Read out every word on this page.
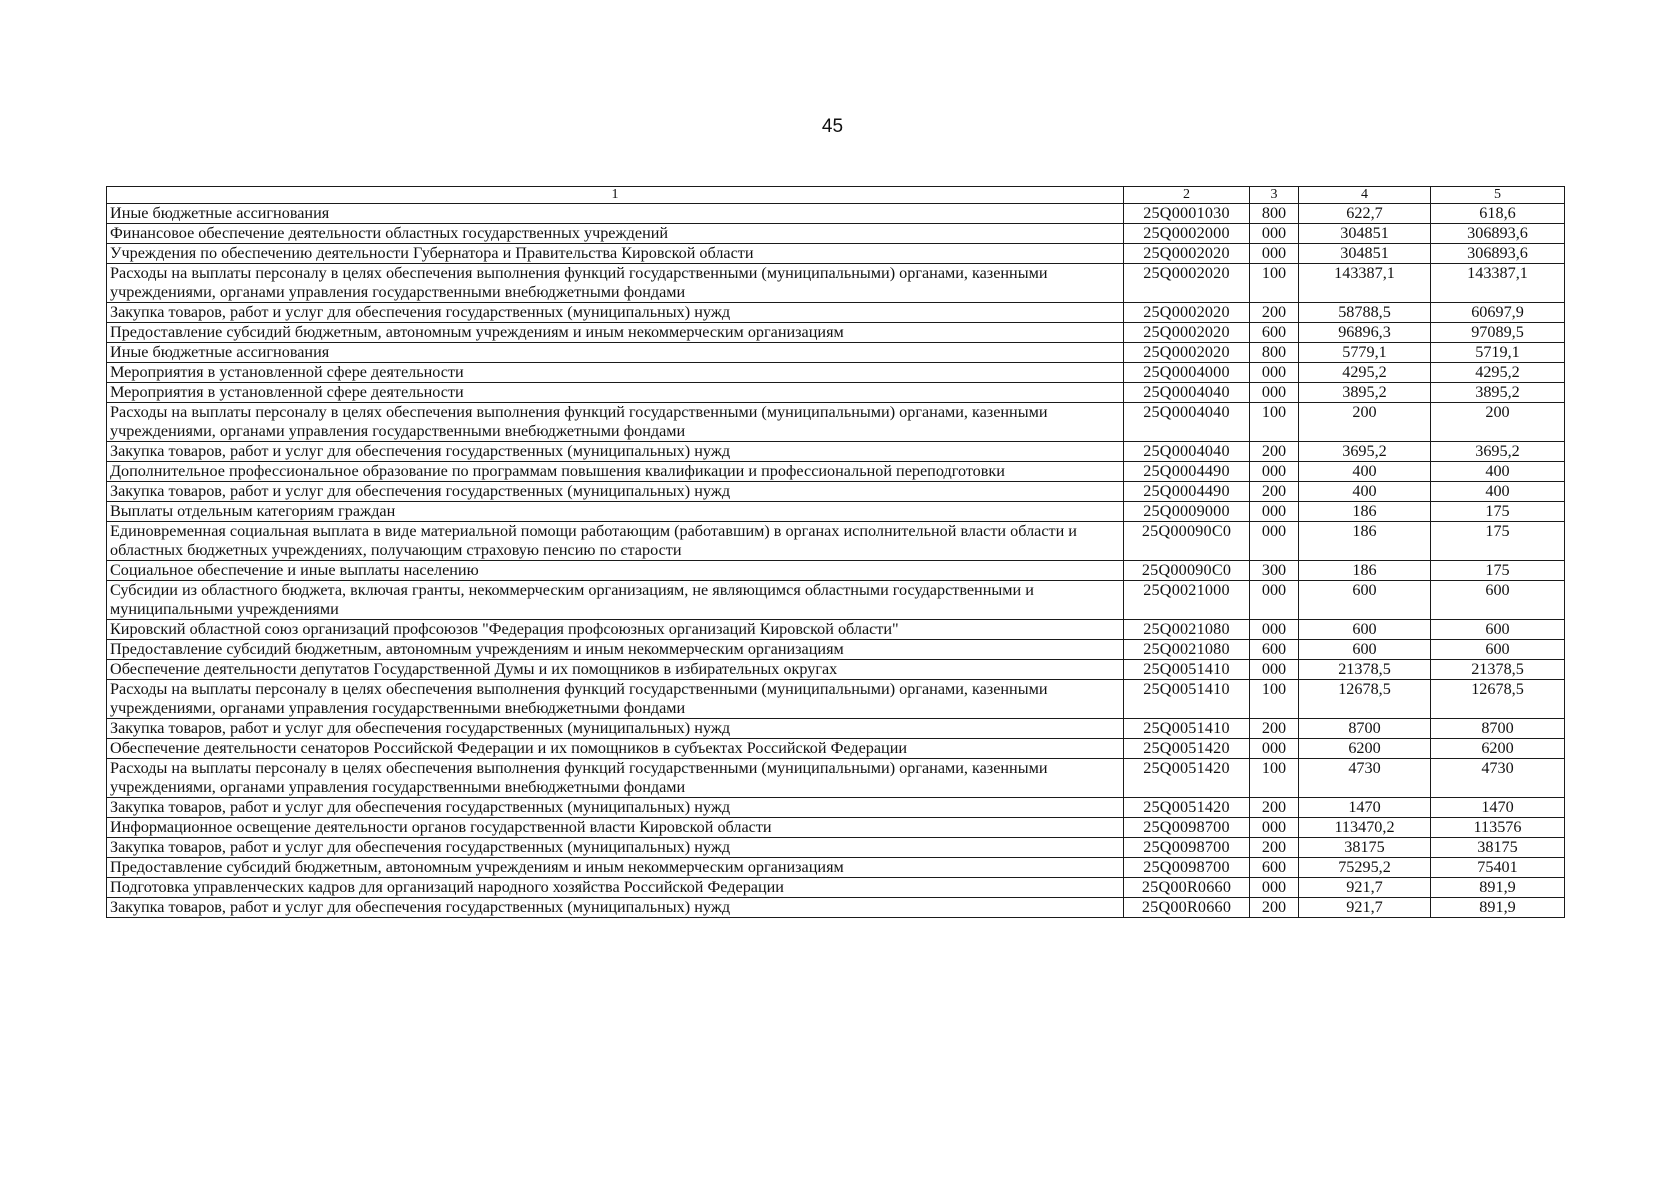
45
1	2	3	4	5
Иные бюджетные ассигнования	25Q0001030	800	622,7	618,6
Финансовое обеспечение деятельности областных государственных учреждений	25Q0002000	000	304851	306893,6
Учреждения по обеспечению деятельности Губернатора и Правительства Кировской области	25Q0002020	000	304851	306893,6
Расходы на выплаты персоналу в целях обеспечения выполнения функций государственными (муниципальными) органами, казенными учреждениями, органами управления государственными внебюджетными фондами	25Q0002020	100	143387,1	143387,1
Закупка товаров, работ и услуг для обеспечения государственных (муниципальных) нужд	25Q0002020	200	58788,5	60697,9
Предоставление субсидий бюджетным, автономным учреждениям и иным некоммерческим организациям	25Q0002020	600	96896,3	97089,5
Иные бюджетные ассигнования	25Q0002020	800	5779,1	5719,1
Мероприятия в установленной сфере деятельности	25Q0004000	000	4295,2	4295,2
Мероприятия в установленной сфере деятельности	25Q0004040	000	3895,2	3895,2
Расходы на выплаты персоналу в целях обеспечения выполнения функций государственными (муниципальными) органами, казенными учреждениями, органами управления государственными внебюджетными фондами	25Q0004040	100	200	200
Закупка товаров, работ и услуг для обеспечения государственных (муниципальных) нужд	25Q0004040	200	3695,2	3695,2
Дополнительное профессиональное образование по программам повышения квалификации и профессиональной переподготовки	25Q0004490	000	400	400
Закупка товаров, работ и услуг для обеспечения государственных (муниципальных) нужд	25Q0004490	200	400	400
Выплаты отдельным категориям граждан	25Q0009000	000	186	175
Единовременная социальная выплата в виде материальной помощи работающим (работавшим) в органах исполнительной власти области и областных бюджетных учреждениях, получающим страховую пенсию по старости	25Q00090C0	000	186	175
Социальное обеспечение и иные выплаты населению	25Q00090C0	300	186	175
Субсидии из областного бюджета, включая гранты, некоммерческим организациям, не являющимся областными государственными и муниципальными учреждениями	25Q0021000	000	600	600
Кировский областной союз организаций профсоюзов "Федерация профсоюзных организаций Кировской области"	25Q0021080	000	600	600
Предоставление субсидий бюджетным, автономным учреждениям и иным некоммерческим организациям	25Q0021080	600	600	600
Обеспечение деятельности депутатов Государственной Думы и их помощников в избирательных округах	25Q0051410	000	21378,5	21378,5
Расходы на выплаты персоналу в целях обеспечения выполнения функций государственными (муниципальными) органами, казенными учреждениями, органами управления государственными внебюджетными фондами	25Q0051410	100	12678,5	12678,5
Закупка товаров, работ и услуг для обеспечения государственных (муниципальных) нужд	25Q0051410	200	8700	8700
Обеспечение деятельности сенаторов Российской Федерации и их помощников в субъектах Российской Федерации	25Q0051420	000	6200	6200
Расходы на выплаты персоналу в целях обеспечения выполнения функций государственными (муниципальными) органами, казенными учреждениями, органами управления государственными внебюджетными фондами	25Q0051420	100	4730	4730
Закупка товаров, работ и услуг для обеспечения государственных (муниципальных) нужд	25Q0051420	200	1470	1470
Информационное освещение деятельности органов государственной власти Кировской области	25Q0098700	000	113470,2	113576
Закупка товаров, работ и услуг для обеспечения государственных (муниципальных) нужд	25Q0098700	200	38175	38175
Предоставление субсидий бюджетным, автономным учреждениям и иным некоммерческим организациям	25Q0098700	600	75295,2	75401
Подготовка управленческих кадров для организаций народного хозяйства Российской Федерации	25Q00R0660	000	921,7	891,9
Закупка товаров, работ и услуг для обеспечения государственных (муниципальных) нужд	25Q00R0660	200	921,7	891,9
